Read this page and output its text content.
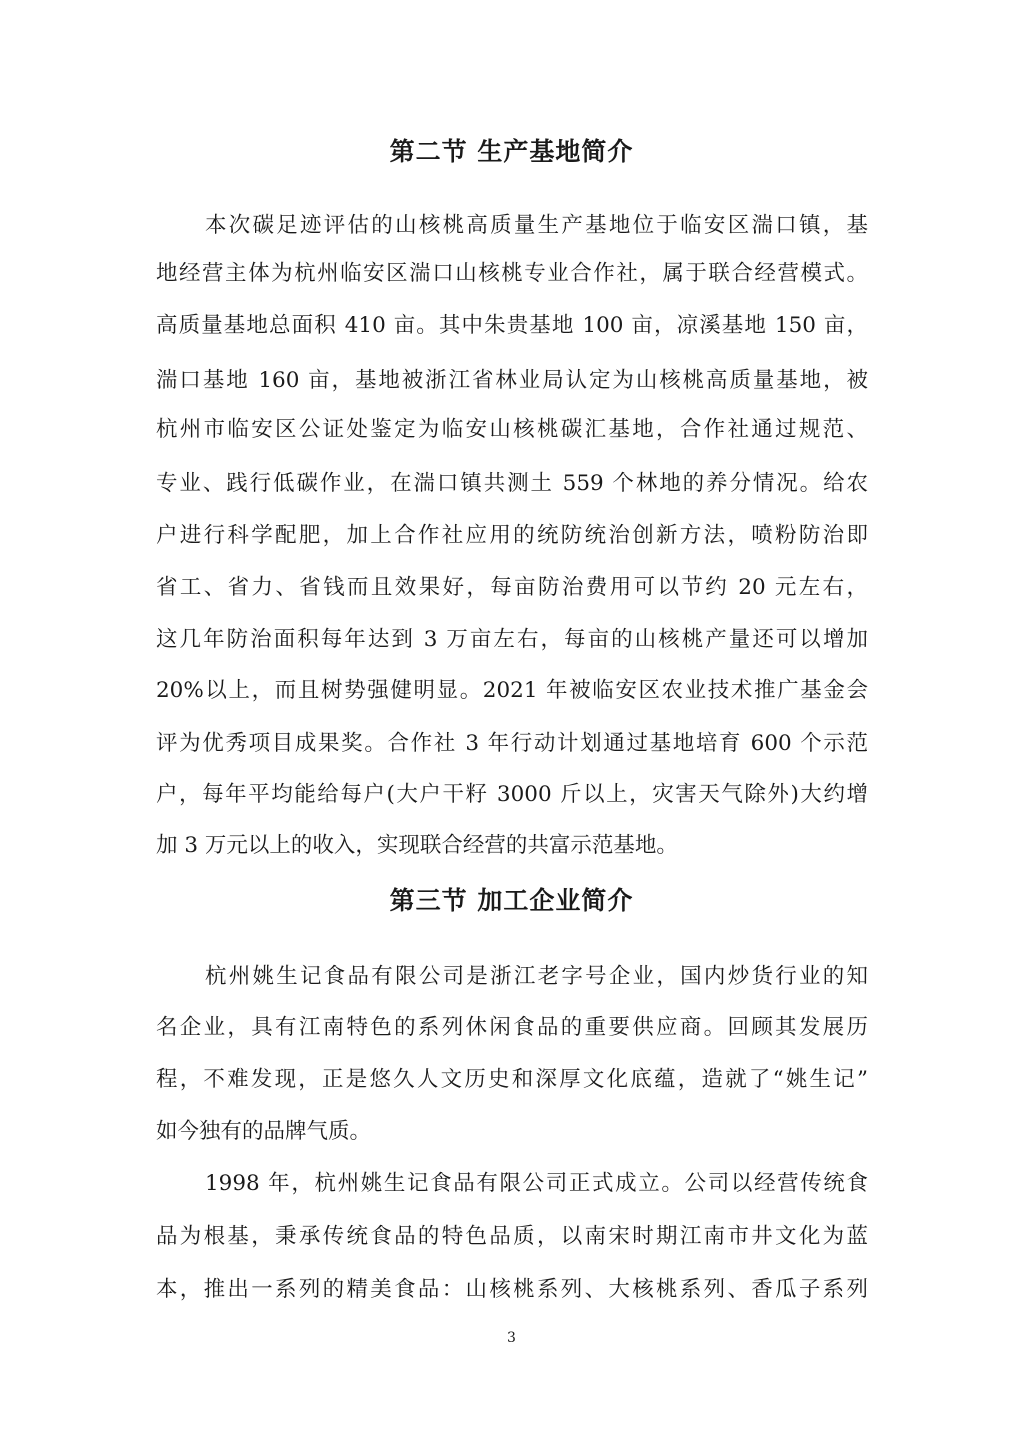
第二节 生产基地简介
本次碳足迹评估的山核桃高质量生产基地位于临安区湍口镇，基
地经营主体为杭州临安区湍口山核桃专业合作社，属于联合经营模式。
高质量基地总面积 410 亩。其中朱贵基地 100 亩，凉溪基地 150 亩，
湍口基地 160 亩，基地被浙江省林业局认定为山核桃高质量基地，被
杭州市临安区公证处鉴定为临安山核桃碳汇基地，合作社通过规范、
专业、践行低碳作业，在湍口镇共测土 559 个林地的养分情况。给农
户进行科学配肥，加上合作社应用的统防统治创新方法，喷粉防治即
省工、省力、省钱而且效果好，每亩防治费用可以节约 20 元左右，
这几年防治面积每年达到 3 万亩左右，每亩的山核桃产量还可以增加
20%以上，而且树势强健明显。2021 年被临安区农业技术推广基金会
评为优秀项目成果奖。合作社 3 年行动计划通过基地培育 600 个示范
户，每年平均能给每户(大户干籽 3000 斤以上，灾害天气除外)大约增
加 3 万元以上的收入，实现联合经营的共富示范基地。
第三节 加工企业简介
杭州姚生记食品有限公司是浙江老字号企业，国内炒货行业的知
名企业，具有江南特色的系列休闲食品的重要供应商。回顾其发展历
程，不难发现，正是悠久人文历史和深厚文化底蕴，造就了“姚生记”
如今独有的品牌气质。
1998 年，杭州姚生记食品有限公司正式成立。公司以经营传统食
品为根基，秉承传统食品的特色品质，以南宋时期江南市井文化为蓝
本，推出一系列的精美食品：山核桃系列、大核桃系列、香瓜子系列
3
